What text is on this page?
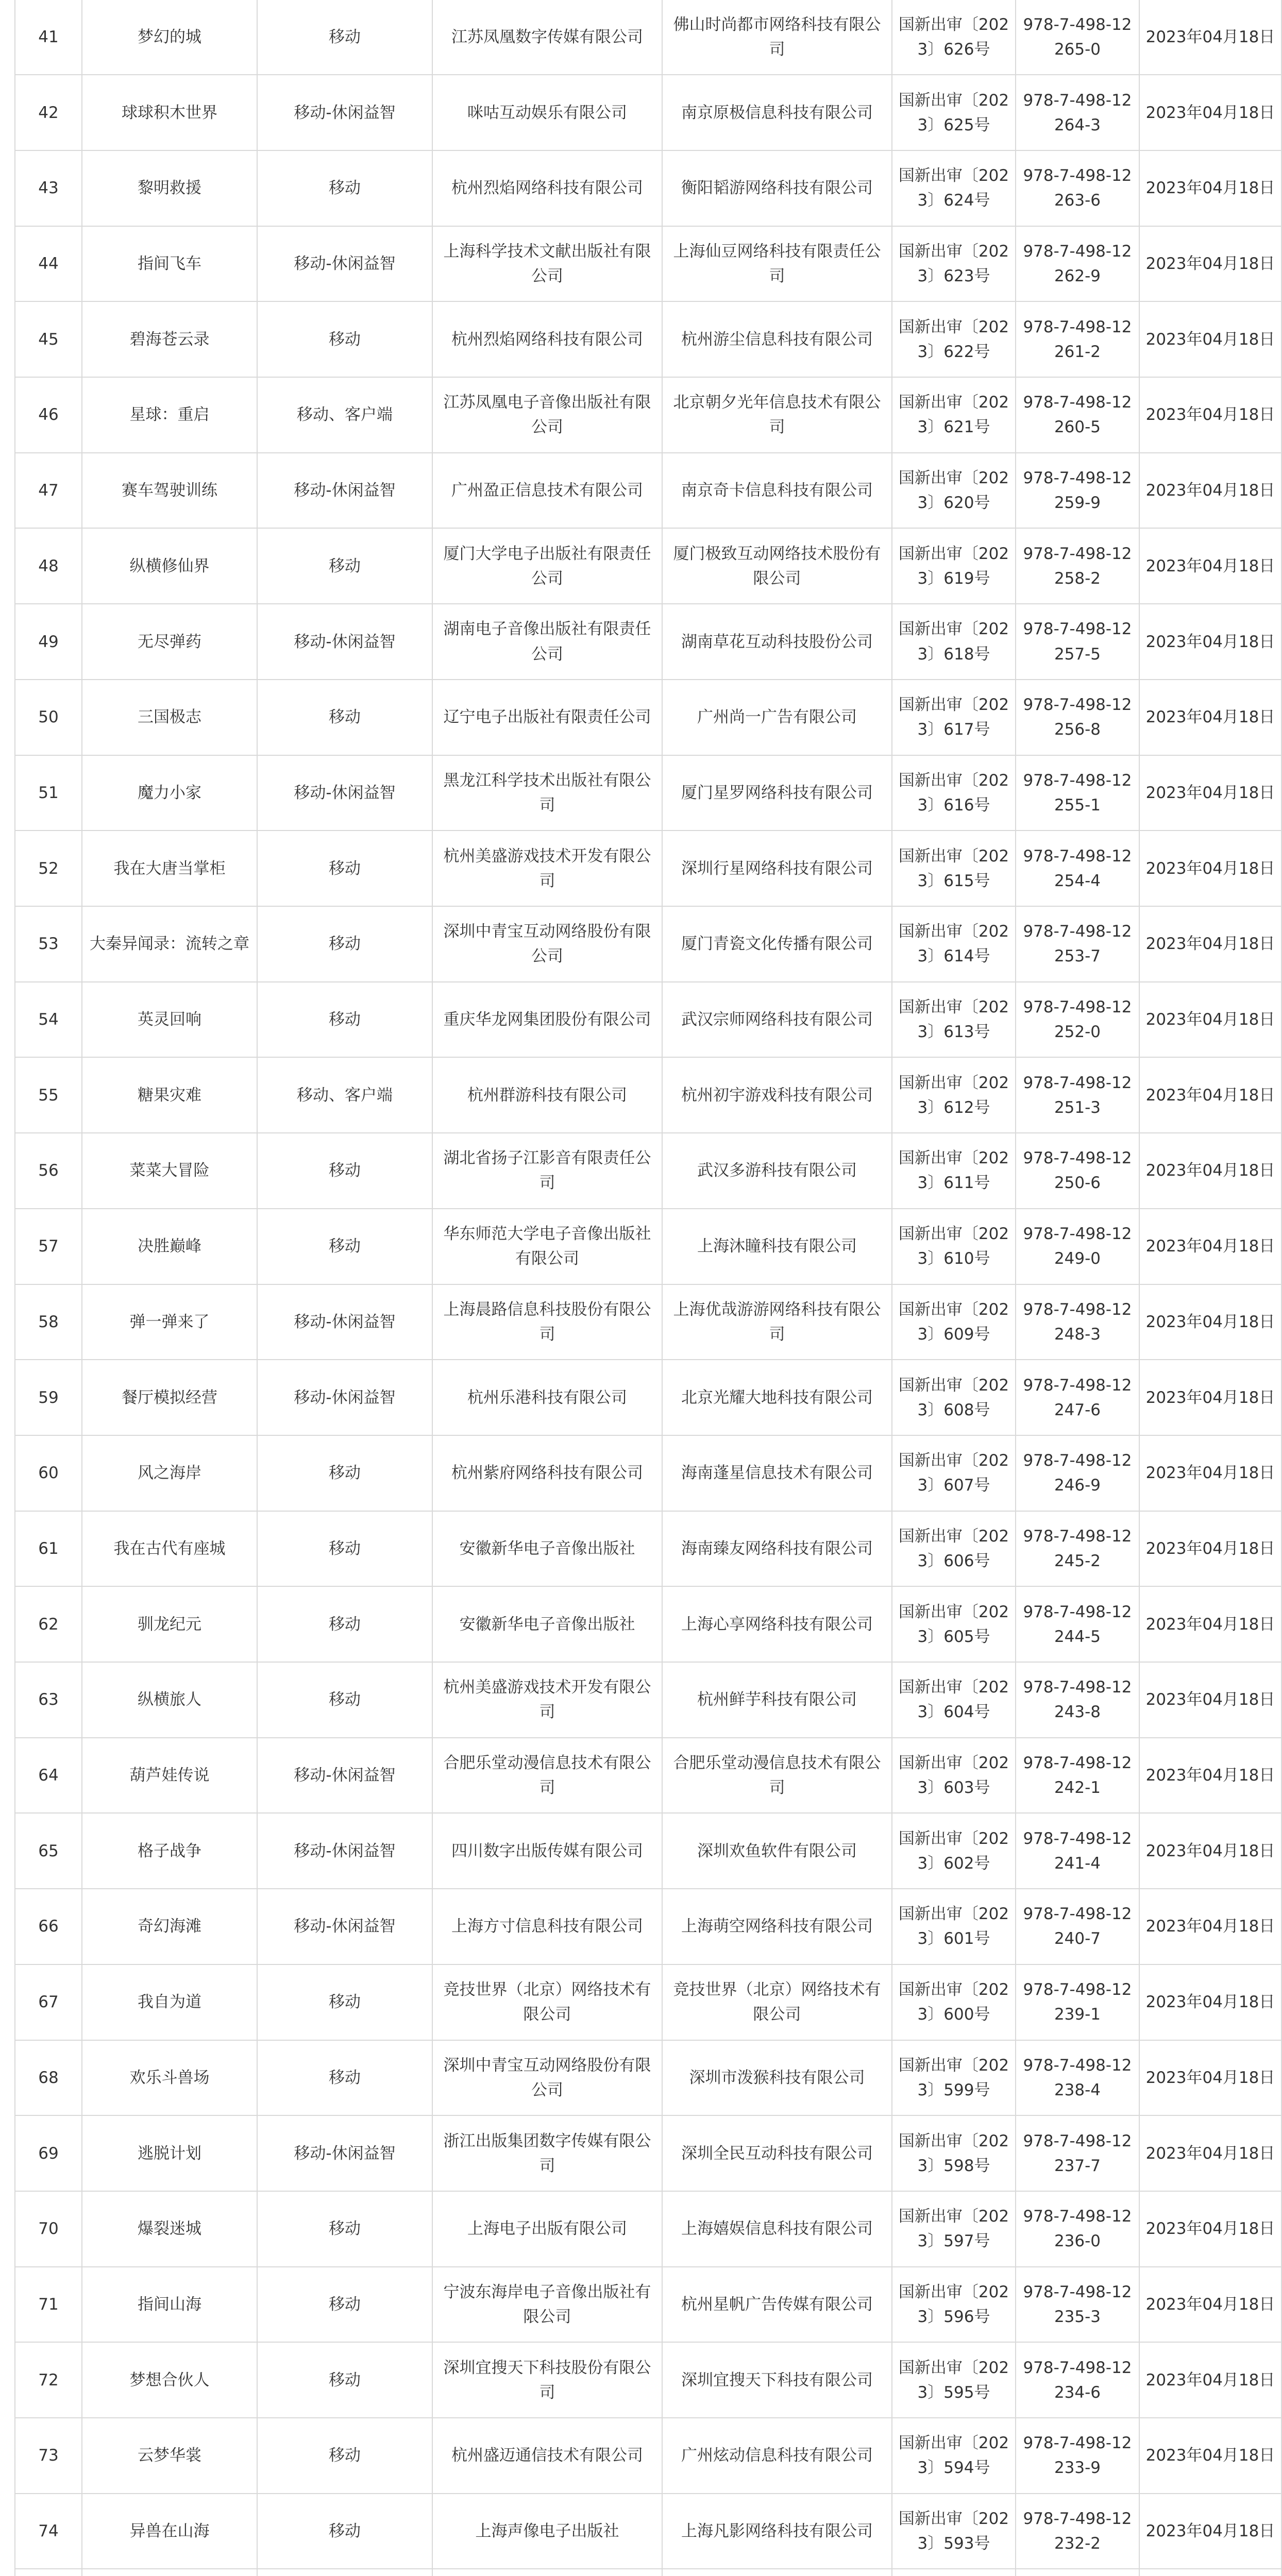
41	梦幻的城	移动	江苏凤凰数字传媒有限公司	佛山时尚都市网络科技有限公司	国新出审〔2023〕626号	978-7-498-12265-0	2023年04月18日
42	球球积木世界	移动-休闲益智	咪咕互动娱乐有限公司	南京原极信息科技有限公司	国新出审〔2023〕625号	978-7-498-12264-3	2023年04月18日
43	黎明救援	移动	杭州烈焰网络科技有限公司	衡阳韬游网络科技有限公司	国新出审〔2023〕624号	978-7-498-12263-6	2023年04月18日
44	指间飞车	移动-休闲益智	上海科学技术文献出版社有限公司	上海仙豆网络科技有限责任公司	国新出审〔2023〕623号	978-7-498-12262-9	2023年04月18日
45	碧海苍云录	移动	杭州烈焰网络科技有限公司	杭州游尘信息科技有限公司	国新出审〔2023〕622号	978-7-498-12261-2	2023年04月18日
46	星球：重启	移动、客户端	江苏凤凰电子音像出版社有限公司	北京朝夕光年信息技术有限公司	国新出审〔2023〕621号	978-7-498-12260-5	2023年04月18日
47	赛车驾驶训练	移动-休闲益智	广州盈正信息技术有限公司	南京奇卡信息科技有限公司	国新出审〔2023〕620号	978-7-498-12259-9	2023年04月18日
48	纵横修仙界	移动	厦门大学电子出版社有限责任公司	厦门极致互动网络技术股份有限公司	国新出审〔2023〕619号	978-7-498-12258-2	2023年04月18日
49	无尽弹药	移动-休闲益智	湖南电子音像出版社有限责任公司	湖南草花互动科技股份公司	国新出审〔2023〕618号	978-7-498-12257-5	2023年04月18日
50	三国极志	移动	辽宁电子出版社有限责任公司	广州尚一广告有限公司	国新出审〔2023〕617号	978-7-498-12256-8	2023年04月18日
51	魔力小家	移动-休闲益智	黑龙江科学技术出版社有限公司	厦门星罗网络科技有限公司	国新出审〔2023〕616号	978-7-498-12255-1	2023年04月18日
52	我在大唐当掌柜	移动	杭州美盛游戏技术开发有限公司	深圳行星网络科技有限公司	国新出审〔2023〕615号	978-7-498-12254-4	2023年04月18日
53	大秦异闻录：流转之章	移动	深圳中青宝互动网络股份有限公司	厦门青瓷文化传播有限公司	国新出审〔2023〕614号	978-7-498-12253-7	2023年04月18日
54	英灵回响	移动	重庆华龙网集团股份有限公司	武汉宗师网络科技有限公司	国新出审〔2023〕613号	978-7-498-12252-0	2023年04月18日
55	糖果灾难	移动、客户端	杭州群游科技有限公司	杭州初宇游戏科技有限公司	国新出审〔2023〕612号	978-7-498-12251-3	2023年04月18日
56	菜菜大冒险	移动	湖北省扬子江影音有限责任公司	武汉多游科技有限公司	国新出审〔2023〕611号	978-7-498-12250-6	2023年04月18日
57	决胜巅峰	移动	华东师范大学电子音像出版社有限公司	上海沐瞳科技有限公司	国新出审〔2023〕610号	978-7-498-12249-0	2023年04月18日
58	弹一弹来了	移动-休闲益智	上海晨路信息科技股份有限公司	上海优哉游游网络科技有限公司	国新出审〔2023〕609号	978-7-498-12248-3	2023年04月18日
59	餐厅模拟经营	移动-休闲益智	杭州乐港科技有限公司	北京光耀大地科技有限公司	国新出审〔2023〕608号	978-7-498-12247-6	2023年04月18日
60	风之海岸	移动	杭州紫府网络科技有限公司	海南蓬星信息技术有限公司	国新出审〔2023〕607号	978-7-498-12246-9	2023年04月18日
61	我在古代有座城	移动	安徽新华电子音像出版社	海南臻友网络科技有限公司	国新出审〔2023〕606号	978-7-498-12245-2	2023年04月18日
62	驯龙纪元	移动	安徽新华电子音像出版社	上海心享网络科技有限公司	国新出审〔2023〕605号	978-7-498-12244-5	2023年04月18日
63	纵横旅人	移动	杭州美盛游戏技术开发有限公司	杭州鲜芋科技有限公司	国新出审〔2023〕604号	978-7-498-12243-8	2023年04月18日
64	葫芦娃传说	移动-休闲益智	合肥乐堂动漫信息技术有限公司	合肥乐堂动漫信息技术有限公司	国新出审〔2023〕603号	978-7-498-12242-1	2023年04月18日
65	格子战争	移动-休闲益智	四川数字出版传媒有限公司	深圳欢鱼软件有限公司	国新出审〔2023〕602号	978-7-498-12241-4	2023年04月18日
66	奇幻海滩	移动-休闲益智	上海方寸信息科技有限公司	上海萌空网络科技有限公司	国新出审〔2023〕601号	978-7-498-12240-7	2023年04月18日
67	我自为道	移动	竞技世界（北京）网络技术有限公司	竞技世界（北京）网络技术有限公司	国新出审〔2023〕600号	978-7-498-12239-1	2023年04月18日
68	欢乐斗兽场	移动	深圳中青宝互动网络股份有限公司	深圳市泼猴科技有限公司	国新出审〔2023〕599号	978-7-498-12238-4	2023年04月18日
69	逃脱计划	移动-休闲益智	浙江出版集团数字传媒有限公司	深圳全民互动科技有限公司	国新出审〔2023〕598号	978-7-498-12237-7	2023年04月18日
70	爆裂迷城	移动	上海电子出版有限公司	上海嬉娱信息科技有限公司	国新出审〔2023〕597号	978-7-498-12236-0	2023年04月18日
71	指间山海	移动	宁波东海岸电子音像出版社有限公司	杭州星帆广告传媒有限公司	国新出审〔2023〕596号	978-7-498-12235-3	2023年04月18日
72	梦想合伙人	移动	深圳宜搜天下科技股份有限公司	深圳宜搜天下科技有限公司	国新出审〔2023〕595号	978-7-498-12234-6	2023年04月18日
73	云梦华裳	移动	杭州盛迈通信技术有限公司	广州炫动信息科技有限公司	国新出审〔2023〕594号	978-7-498-12233-9	2023年04月18日
74	异兽在山海	移动	上海声像电子出版社	上海凡影网络科技有限公司	国新出审〔2023〕593号	978-7-498-12232-2	2023年04月18日
